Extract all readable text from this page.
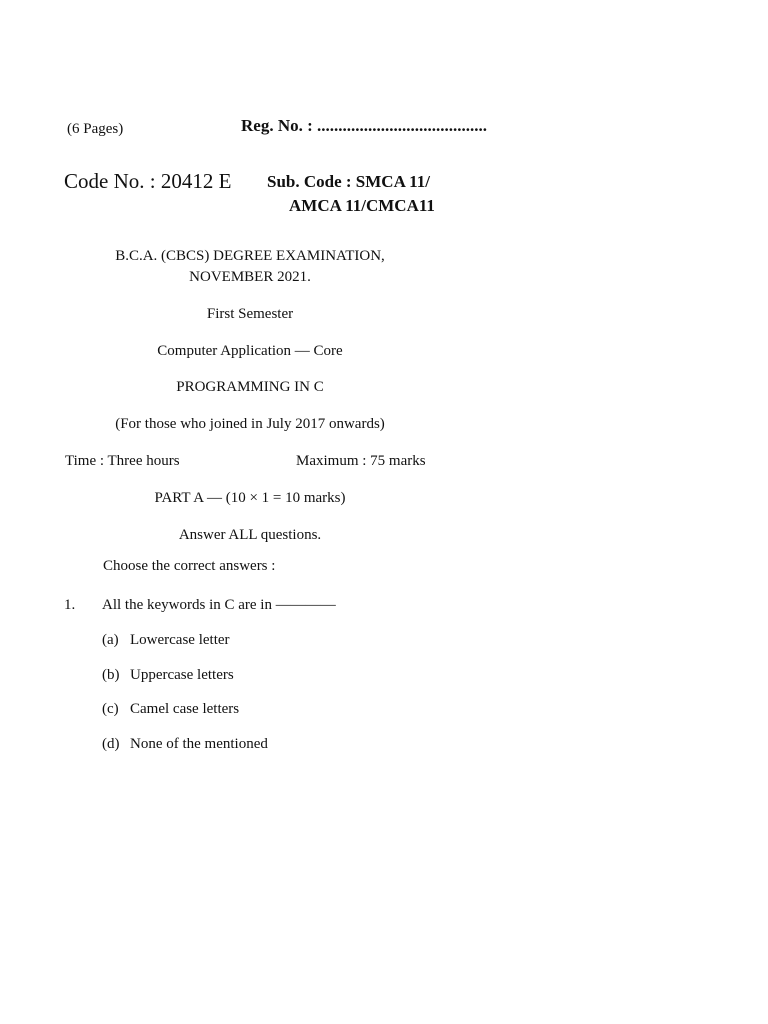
(6 Pages)	Reg. No. : ........................................
Code No. : 20412 E Sub. Code : SMCA 11/
AMCA 11/CMCA11
B.C.A. (CBCS) DEGREE EXAMINATION,
NOVEMBER 2021.
First Semester
Computer Application — Core
PROGRAMMING IN C
(For those who joined in July 2017 onwards)
Time : Three hours	Maximum : 75 marks
PART A — (10 × 1 = 10 marks)
Answer ALL questions.
Choose the correct answers :
1. All the keywords in C are in ————
(a) Lowercase letter
(b) Uppercase letters
(c) Camel case letters
(d) None of the mentioned
